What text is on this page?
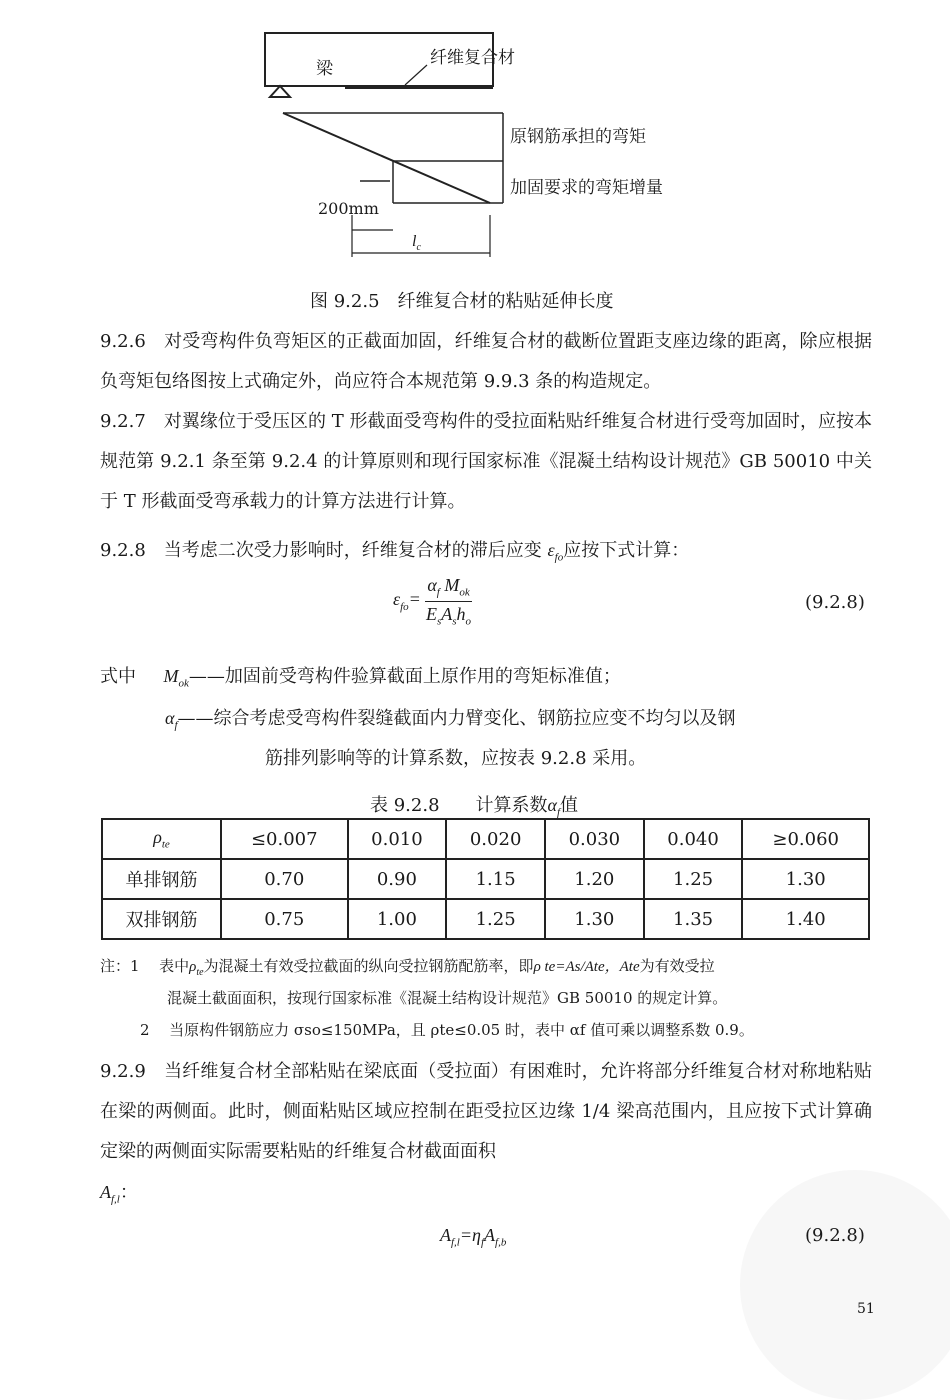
梁
纤维复合材
原钢筋承担的弯矩
加固要求的弯矩增量
200mm
$l_c$
图 9.2.5　纤维复合材的粘贴延伸长度
9.2.6　对受弯构件负弯矩区的正截面加固，纤维复合材的截断位置距支座边缘的距离，除应根据负弯矩包络图按上式确定外，尚应符合本规范第 9.9.3 条的构造规定。
9.2.7　对翼缘位于受压区的 T 形截面受弯构件的受拉面粘贴纤维复合材进行受弯加固时，应按本规范第 9.2.1 条至第 9.2.4 的计算原则和现行国家标准《混凝土结构设计规范》GB 50010 中关于 T 形截面受弯承载力的计算方法进行计算。
9.2.8　当考虑二次受力影响时，纤维复合材的滞后应变 $\varepsilon_{fo}$应按下式计算：
$\varepsilon_{fo}= \frac{\alpha_f M_{ok}}{E_sA_sh_o}$	(9.2.8)
式中 $M_{ok}——$加固前受弯构件验算截面上原作用的弯矩标准值；
$\alpha_f——$综合考虑受弯构件裂缝截面内力臂变化、钢筋拉应变不均匀以及钢
筋排列影响等的计算系数，应按表 9.2.8 采用。
表 9.2.8　　计算系数$\alpha_f$值
$\rho_{te}$	≤0.007	0.010	0.020	0.030	0.040	≥0.060
单排钢筋	0.70	0.90	1.15	1.20	1.25	1.30
双排钢筋	0.75	1.00	1.25	1.30	1.35	1.40
注：1 表中$\rho_{te}$为混凝土有效受拉截面的纵向受拉钢筋配筋率，即ρ te=As/Ate，Ate为有效受拉
混凝土截面面积，按现行国家标准《混凝土结构设计规范》GB 50010 的规定计算。
2 当原构件钢筋应力 σso≤150MPa，且 ρte≤0.05 时，表中 αf 值可乘以调整系数 0.9。
9.2.9　当纤维复合材全部粘贴在梁底面（受拉面）有困难时，允许将部分纤维复合材对称地粘贴在梁的两侧面。此时，侧面粘贴区域应控制在距受拉区边缘 1/4 梁高范围内，且应按下式计算确定梁的两侧面实际需要粘贴的纤维复合材截面面积
$A_{f,l}$：
$A_{f,l}=\eta_fA_{f,b}$	(9.2.8)
51
